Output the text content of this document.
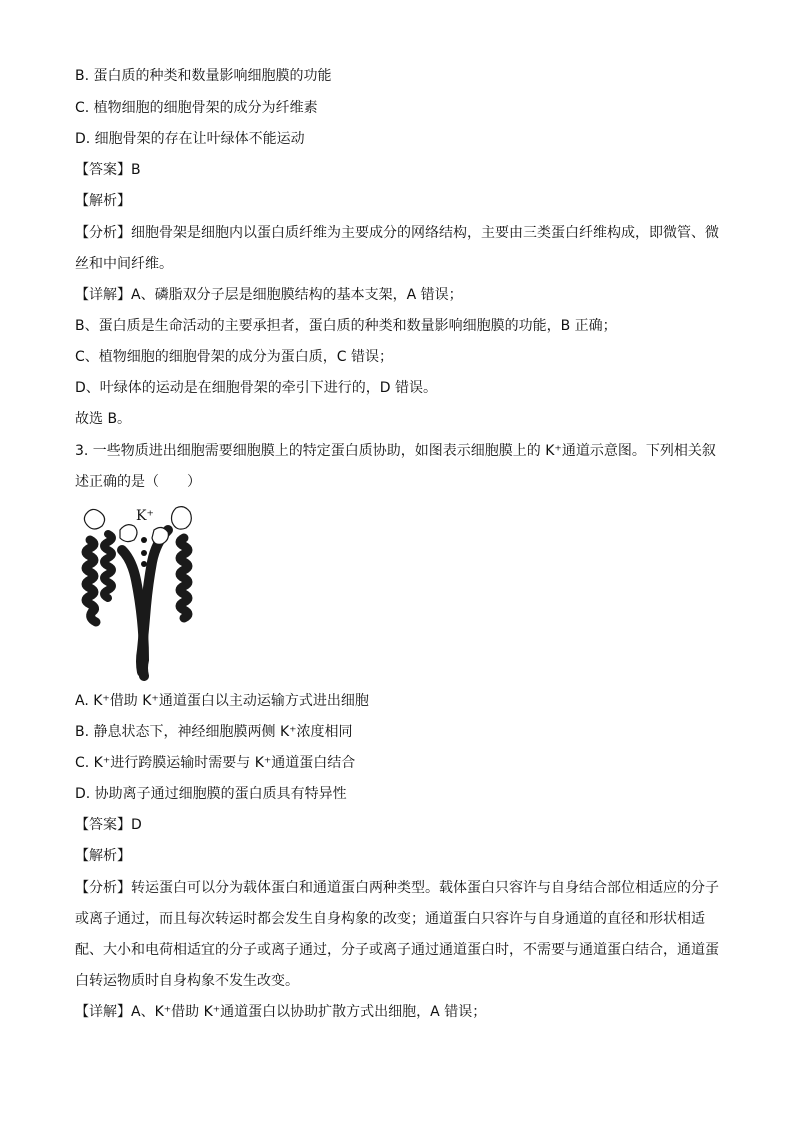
B. 蛋白质的种类和数量影响细胞膜的功能
C. 植物细胞的细胞骨架的成分为纤维素
D. 细胞骨架的存在让叶绿体不能运动
【答案】B
【解析】
【分析】细胞骨架是细胞内以蛋白质纤维为主要成分的网络结构，主要由三类蛋白纤维构成，即微管、微丝和中间纤维。
【详解】A、磷脂双分子层是细胞膜结构的基本支架，A 错误；
B、蛋白质是生命活动的主要承担者，蛋白质的种类和数量影响细胞膜的功能，B 正确；
C、植物细胞的细胞骨架的成分为蛋白质，C 错误；
D、叶绿体的运动是在细胞骨架的牵引下进行的，D 错误。
故选 B。
3. 一些物质进出细胞需要细胞膜上的特定蛋白质协助，如图表示细胞膜上的 K⁺通道示意图。下列相关叙述正确的是（　　）
K⁺
A. K⁺借助 K⁺通道蛋白以主动运输方式进出细胞
B. 静息状态下，神经细胞膜两侧 K⁺浓度相同
C. K⁺进行跨膜运输时需要与 K⁺通道蛋白结合
D. 协助离子通过细胞膜的蛋白质具有特异性
【答案】D
【解析】
【分析】转运蛋白可以分为载体蛋白和通道蛋白两种类型。载体蛋白只容许与自身结合部位相适应的分子或离子通过，而且每次转运时都会发生自身构象的改变；通道蛋白只容许与自身通道的直径和形状相适配、大小和电荷相适宜的分子或离子通过，分子或离子通过通道蛋白时，不需要与通道蛋白结合，通道蛋白转运物质时自身构象不发生改变。
【详解】A、K⁺借助 K⁺通道蛋白以协助扩散方式出细胞，A 错误；
